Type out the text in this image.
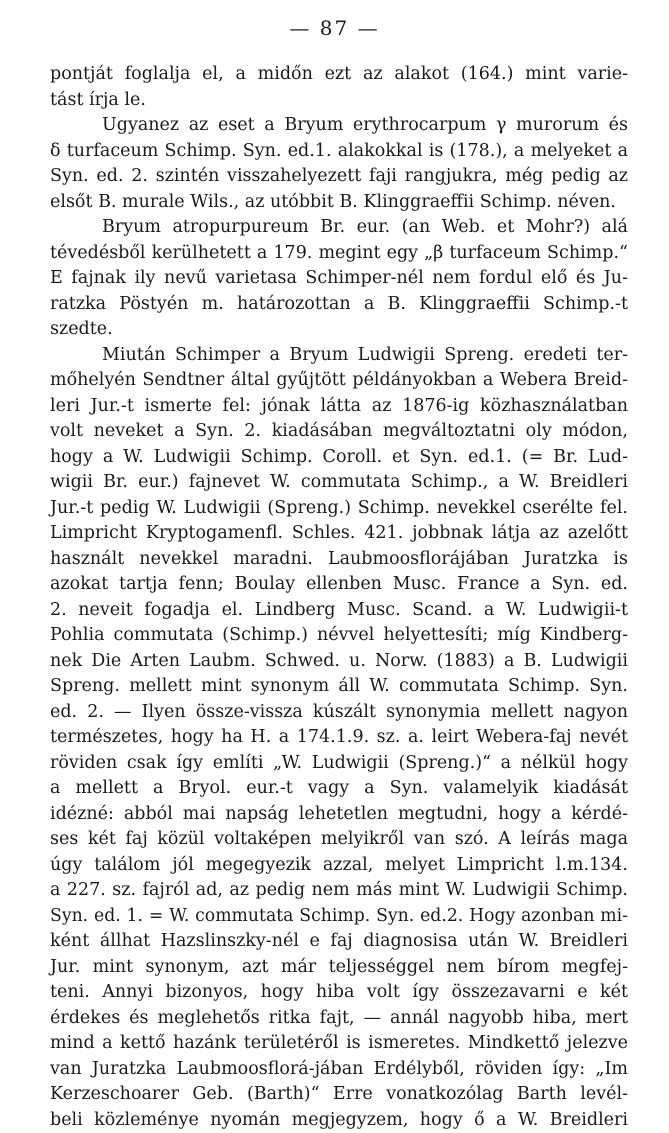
— 87 —
pontját foglalja el, a midőn ezt az alakot (164.) mint varie-
tást írja le.
Ugyanez az eset a Bryum erythrocarpum γ murorum és
δ turfaceum Schimp. Syn. ed.1. alakokkal is (178.), a melyeket a
Syn. ed. 2. szintén visszahelyezett faji rangjukra, még pedig az
elsőt B. murale Wils., az utóbbit B. Klinggraeffii Schimp. néven.
Bryum atropurpureum Br. eur. (an Web. et Mohr?) alá
tévedésből kerülhetett a 179. megint egy „β turfaceum Schimp.“
E fajnak ily nevű varietasa Schimper-nél nem fordul elő és Ju-
ratzka Pöstyén m. határozottan a B. Klinggraeffii Schimp.-t
szedte.
Miután Schimper a Bryum Ludwigii Spreng. eredeti ter-
mőhelyén Sendtner által gyűjtött példányokban a Webera Breid-
leri Jur.-t ismerte fel: jónak látta az 1876-ig közhasználatban
volt neveket a Syn. 2. kiadásában megváltoztatni oly módon,
hogy a W. Ludwigii Schimp. Coroll. et Syn. ed.1. (= Br. Lud-
wigii Br. eur.) fajnevet W. commutata Schimp., a W. Breidleri
Jur.-t pedig W. Ludwigii (Spreng.) Schimp. nevekkel cserélte fel.
Limpricht Kryptogamenfl. Schles. 421. jobbnak látja az azelőtt
használt nevekkel maradni. Laubmoosflorájában Juratzka is
azokat tartja fenn; Boulay ellenben Musc. France a Syn. ed.
2. neveit fogadja el. Lindberg Musc. Scand. a W. Ludwigii-t
Pohlia commutata (Schimp.) névvel helyettesíti; míg Kindberg-
nek Die Arten Laubm. Schwed. u. Norw. (1883) a B. Ludwigii
Spreng. mellett mint synonym áll W. commutata Schimp. Syn.
ed. 2. — Ilyen össze-vissza kúszált synonymia mellett nagyon
természetes, hogy ha H. a 174.1.9. sz. a. leirt Webera-faj nevét
röviden csak így említi „W. Ludwigii (Spreng.)“ a nélkül hogy
a mellett a Bryol. eur.-t vagy a Syn. valamelyik kiadását
idézné: abból mai napság lehetetlen megtudni, hogy a kérdé-
ses két faj közül voltaképen melyikről van szó. A leírás maga
úgy találom jól megegyezik azzal, melyet Limpricht l.m.134.
a 227. sz. fajról ad, az pedig nem más mint W. Ludwigii Schimp.
Syn. ed. 1. = W. commutata Schimp. Syn. ed.2. Hogy azonban mi-
ként állhat Hazslinszky-nél e faj diagnosisa után W. Breidleri
Jur. mint synonym, azt már teljességgel nem bírom megfej-
teni. Annyi bizonyos, hogy hiba volt így összezavarni e két
érdekes és meglehetős ritka fajt, — annál nagyobb hiba, mert
mind a kettő hazánk területéről is ismeretes. Mindkettő jelezve
van Juratzka Laubmoosflorá-jában Erdélyből, röviden így: „Im
Kerzeschoarer Geb. (Barth)“ Erre vonatkozólag Barth levél-
beli közleménye nyomán megjegyzem, hogy ő a W. Breidleri
